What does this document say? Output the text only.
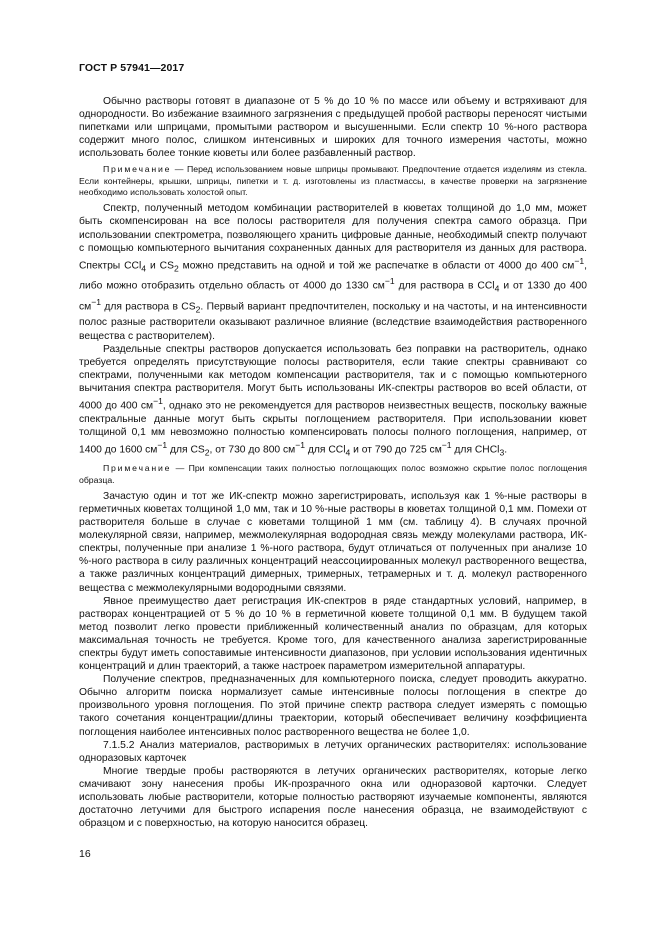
ГОСТ Р 57941—2017

Обычно растворы готовят в диапазоне от 5 % до 10 % по массе или объему и встряхивают для однородности. Во избежание взаимного загрязнения с предыдущей пробой растворы переносят чистыми пипетками или шприцами, промытыми раствором и высушенными. Если спектр 10 %-ного раствора содержит много полос, слишком интенсивных и широких для точного измерения частоты, можно использовать более тонкие кюветы или более разбавленный раствор.

Примечание — Перед использованием новые шприцы промывают. Предпочтение отдается изделиям из стекла. Если контейнеры, крышки, шприцы, пипетки и т. д. изготовлены из пластмассы, в качестве проверки на загрязнение необходимо использовать холостой опыт.

Спектр, полученный методом комбинации растворителей в кюветах толщиной до 1,0 мм, может быть скомпенсирован на все полосы растворителя для получения спектра самого образца. При использовании спектрометра, позволяющего хранить цифровые данные, необходимый спектр получают с помощью компьютерного вычитания сохраненных данных для растворителя из данных для раствора. Спектры CCl$_4$ и $CS_2$ можно представить на одной и той же распечатке в области от 4000 до 400 $см^{-1}$, либо можно отобразить отдельно область от 4000 до 1330 $см^{-1}$ для раствора в CCl$_4$ и от 1330 до 400 $см^{-1}$ для раствора в $CS_2$. Первый вариант предпочтителен, поскольку и на частоты, и на интенсивности полос разные растворители оказывают различное влияние (вследствие взаимодействия растворенного вещества с растворителем).

Раздельные спектры растворов допускается использовать без поправки на растворитель, однако требуется определять присутствующие полосы растворителя, если такие спектры сравнивают со спектрами, полученными как методом компенсации растворителя, так и с помощью компьютерного вычитания спектра растворителя. Могут быть использованы ИК-спектры растворов во всей области, от 4000 до 400 $см^{-1}$, однако это не рекомендуется для растворов неизвестных веществ, поскольку важные спектральные данные могут быть скрыты поглощением растворителя. При использовании кювет толщиной 0,1 мм невозможно полностью компенсировать полосы полного поглощения, например, от 1400 до 1600 $см^{-1}$ для $CS_2$, от 730 до 800 $см^{-1}$ для CCl$_4$ и от 790 до 725 $см^{-1}$ для CHCl$_3$.

Примечание — При компенсации таких полностью поглощающих полос возможно скрытие полос поглощения образца.

Зачастую один и тот же ИК-спектр можно зарегистрировать, используя как 1 %-ные растворы в герметичных кюветах толщиной 1,0 мм, так и 10 %-ные растворы в кюветах толщиной 0,1 мм. Помехи от растворителя больше в случае с кюветами толщиной 1 мм (см. таблицу 4). В случаях прочной молекулярной связи, например, межмолекулярная водородная связь между молекулами раствора, ИК-спектры, полученные при анализе 1 %-ного раствора, будут отличаться от полученных при анализе 10 %-ного раствора в силу различных концентраций неассоциированных молекул растворенного вещества, а также различных концентраций димерных, тримерных, тетрамерных и т. д. молекул растворенного вещества с межмолекулярными водородными связями.

Явное преимущество дает регистрация ИК-спектров в ряде стандартных условий, например, в растворах концентрацией от 5 % до 10 % в герметичной кювете толщиной 0,1 мм. В будущем такой метод позволит легко провести приближенный количественный анализ по образцам, для которых максимальная точность не требуется. Кроме того, для качественного анализа зарегистрированные спектры будут иметь сопоставимые интенсивности диапазонов, при условии использования идентичных концентраций и длин траекторий, а также настроек параметром измерительной аппаратуры.

Получение спектров, предназначенных для компьютерного поиска, следует проводить аккуратно. Обычно алгоритм поиска нормализует самые интенсивные полосы поглощения в спектре до произвольного уровня поглощения. По этой причине спектр раствора следует измерять с помощью такого сочетания концентрации/длины траектории, который обеспечивает величину коэффициента поглощения наиболее интенсивных полос растворенного вещества не более 1,0.

7.1.5.2 Анализ материалов, растворимых в летучих органических растворителях: использование одноразовых карточек

Многие твердые пробы растворяются в летучих органических растворителях, которые легко смачивают зону нанесения пробы ИК-прозрачного окна или одноразовой карточки. Следует использовать любые растворители, которые полностью растворяют изучаемые компоненты, являются достаточно летучими для быстрого испарения после нанесения образца, не взаимодействуют с образцом и с поверхностью, на которую наносится образец.

16
